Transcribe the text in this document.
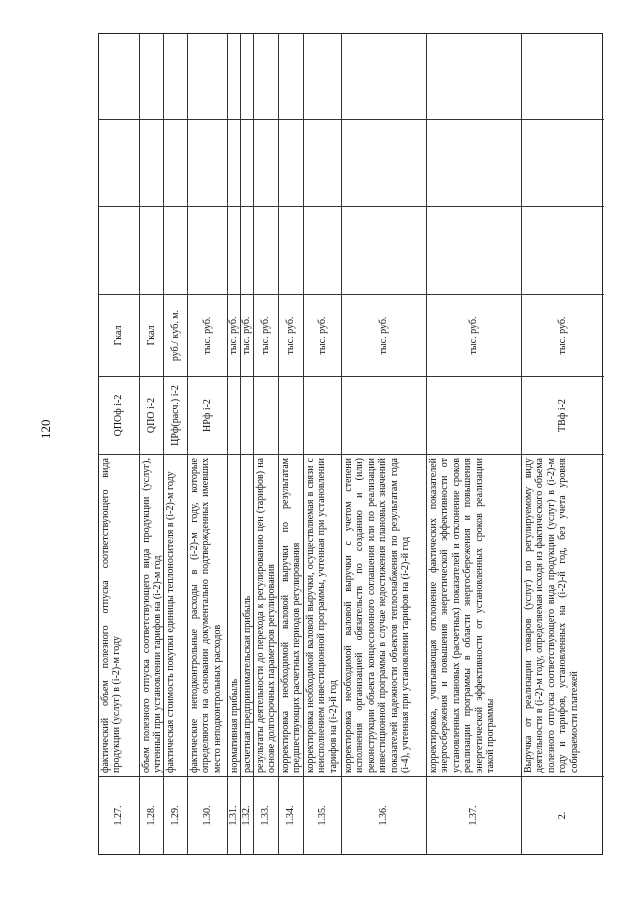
120
1.27.
фактический объем полезного отпуска соответствующего вида продукции (услуг) в (i-2)-м году
QПОф i-2
Гкал
1.28.
объем полезного отпуска соответствующего вида продукции (услуг), учтенный при установлении тарифов на (i-2)-м год
QПО i-2
Гкал
1.29.
фактическая стоимость покупки единицы теплоносителя в (i-2)-м году
ЦРф(расч.) i-2
руб./ куб. м.
1.30.
фактические неподконтрольные расходы в (i-2)-м году, которые определяются на основании документально подтвержденных имевших место неподконтрольных расходов
НРф i-2
тыс. руб.
1.31.
нормативная прибыль
тыс. руб.
1.32.
расчетная предпринимательская прибыль
тыс. руб.
1.33.
результаты деятельности до перехода к регулированию цен (тарифов) на основе долгосрочных параметров регулирования
тыс. руб.
1.34.
корректировка необходимой валовой выручки по результатам предшествующих расчетных периодов регулирования
тыс. руб.
1.35.
корректировка необходимой валовой выручки, осуществляемая в связи с неисполнением инвестиционной программы, учтенная при установлении тарифов на (i-2)-й год
тыс. руб.
1.36.
корректировка необходимой валовой выручки с учетом степени исполнения организацией обязательств по созданию и (или) реконструкции объекта концессионного соглашения или по реализации инвестиционной программы в случае недостижения плановых значений показателей надежности объектов теплоснабжения по результатам года (i-4), учтенная при установлении тарифов на (i-2)-й год
тыс. руб.
1.37.
корректировка, учитывающая отклонение фактических показателей энергосбережения и повышения энергетической эффективности от установленных плановых (расчетных) показателей и отклонение сроков реализации программы в области энергосбережения и повышения энергетической эффективности от установленных сроков реализации такой программы
тыс. руб.
2.
Выручка от реализации товаров (услуг) по регулируемому виду деятельности в (i-2)-м году, определяемая исходя из фактического объема полезного отпуска соответствующего вида продукции (услуг) в (i-2)-м году и тарифов, установленных на (i-2)-й год, без учета уровня собираемости платежей
ТВф i-2
тыс. руб.
